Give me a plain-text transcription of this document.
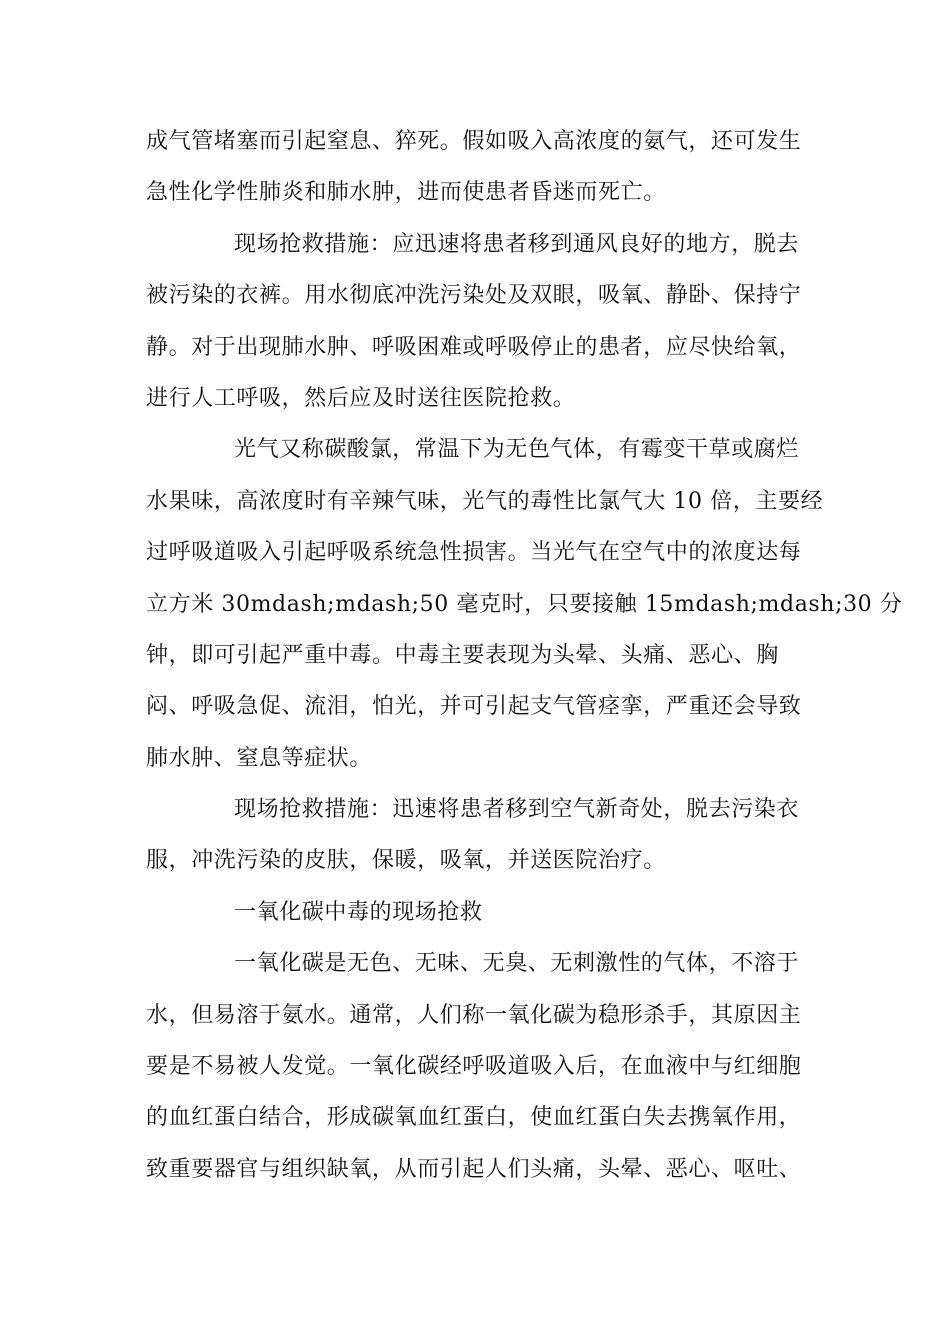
成气管堵塞而引起窒息、猝死。假如吸入高浓度的氨气，还可发生
急性化学性肺炎和肺水肿，进而使患者昏迷而死亡。
现场抢救措施：应迅速将患者移到通风良好的地方，脱去
被污染的衣裤。用水彻底冲洗污染处及双眼，吸氧、静卧、保持宁
静。对于出现肺水肿、呼吸困难或呼吸停止的患者，应尽快给氧，
进行人工呼吸，然后应及时送往医院抢救。
光气又称碳酸氯，常温下为无色气体，有霉变干草或腐烂
水果味，高浓度时有辛辣气味，光气的毒性比氯气大 10 倍，主要经
过呼吸道吸入引起呼吸系统急性损害。当光气在空气中的浓度达每
立方米 30mdash;mdash;50 毫克时，只要接触 15mdash;mdash;30 分
钟，即可引起严重中毒。中毒主要表现为头晕、头痛、恶心、胸
闷、呼吸急促、流泪，怕光，并可引起支气管痉挛，严重还会导致
肺水肿、窒息等症状。
现场抢救措施：迅速将患者移到空气新奇处，脱去污染衣
服，冲洗污染的皮肤，保暖，吸氧，并送医院治疗。
一氧化碳中毒的现场抢救
一氧化碳是无色、无味、无臭、无刺激性的气体，不溶于
水，但易溶于氨水。通常，人们称一氧化碳为稳形杀手，其原因主
要是不易被人发觉。一氧化碳经呼吸道吸入后，在血液中与红细胞
的血红蛋白结合，形成碳氧血红蛋白，使血红蛋白失去携氧作用，
致重要器官与组织缺氧，从而引起人们头痛，头晕、恶心、呕吐、
